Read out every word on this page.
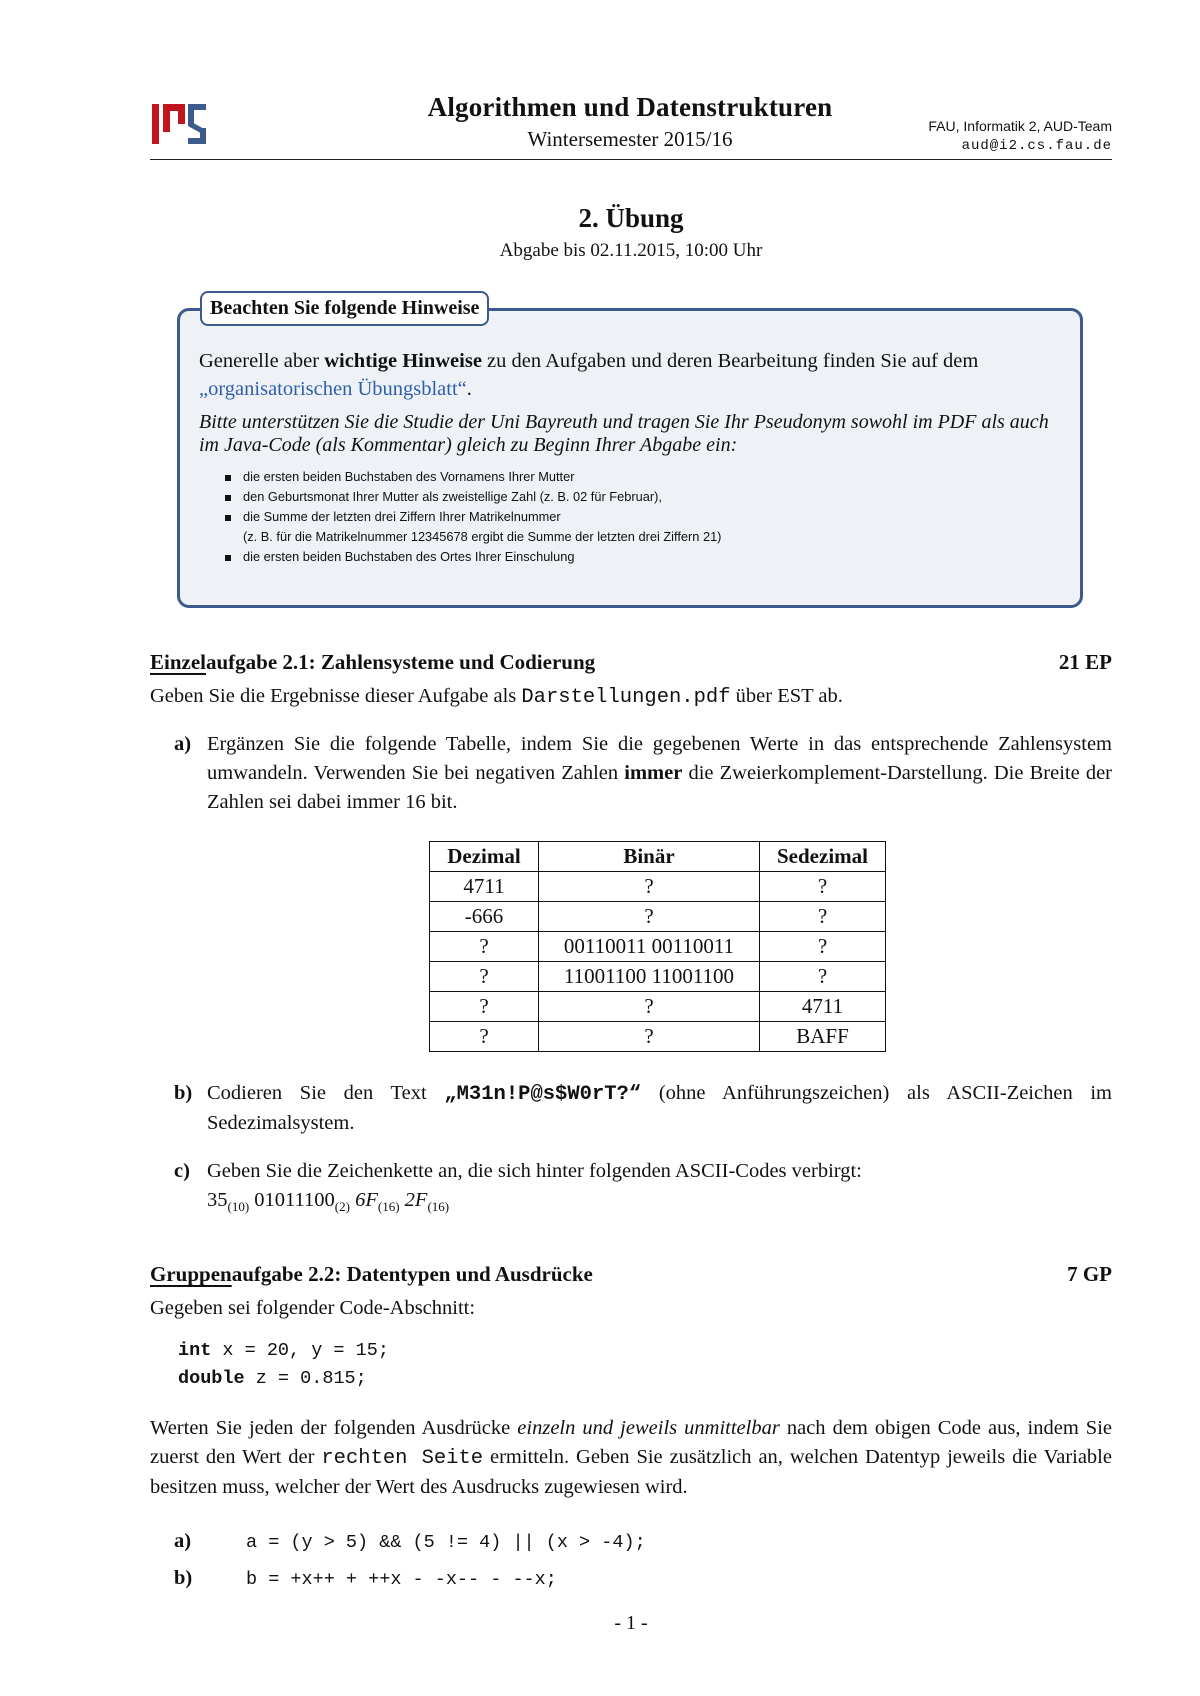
Algorithmen und Datenstrukturen
Wintersemester 2015/16
FAU, Informatik 2, AUD-Team
aud@i2.cs.fau.de
2. Übung
Abgabe bis 02.11.2015, 10:00 Uhr
Beachten Sie folgende Hinweise
Generelle aber wichtige Hinweise zu den Aufgaben und deren Bearbeitung finden Sie auf dem „organisatorischen Übungsblatt“.
Bitte unterstützen Sie die Studie der Uni Bayreuth und tragen Sie Ihr Pseudonym sowohl im PDF als auch im Java-Code (als Kommentar) gleich zu Beginn Ihrer Abgabe ein:
die ersten beiden Buchstaben des Vornamens Ihrer Mutter
den Geburtsmonat Ihrer Mutter als zweistellige Zahl (z. B. 02 für Februar),
die Summe der letzten drei Ziffern Ihrer Matrikelnummer
(z. B. für die Matrikelnummer 12345678 ergibt die Summe der letzten drei Ziffern 21)
die ersten beiden Buchstaben des Ortes Ihrer Einschulung
Einzelaufgabe 2.1: Zahlensysteme und Codierung	21 EP
Geben Sie die Ergebnisse dieser Aufgabe als Darstellungen.pdf über EST ab.
a) Ergänzen Sie die folgende Tabelle, indem Sie die gegebenen Werte in das entsprechende Zahlensystem umwandeln. Verwenden Sie bei negativen Zahlen immer die Zweierkomplement-Darstellung. Die Breite der Zahlen sei dabei immer 16 bit.
Dezimal	Binär	Sedezimal
4711	?	?
-666	?	?
?	00110011 00110011	?
?	11001100 11001100	?
?	?	4711
?	?	BAFF
b) Codieren Sie den Text „M31n!P@s$W0rT?“ (ohne Anführungszeichen) als ASCII-Zeichen im Sedezimalsystem.
c) Geben Sie die Zeichenkette an, die sich hinter folgenden ASCII-Codes verbirgt:
$35_{(10)}$ $01011100_{(2)}$ $6F_{(16)}$ $2F_{(16)}$
Gruppenaufgabe 2.2: Datentypen und Ausdrücke	7 GP
Gegeben sei folgender Code-Abschnitt:
int x = 20, y = 15;
double z = 0.815;
Werten Sie jeden der folgenden Ausdrücke einzeln und jeweils unmittelbar nach dem obigen Code aus, indem Sie zuerst den Wert der rechten Seite ermitteln. Geben Sie zusätzlich an, welchen Datentyp jeweils die Variable besitzen muss, welcher der Wert des Ausdrucks zugewiesen wird.
a)	a = (y > 5) && (5 != 4) || (x > -4);
b)	b = +x++ + ++x - -x-- - --x;
- 1 -
